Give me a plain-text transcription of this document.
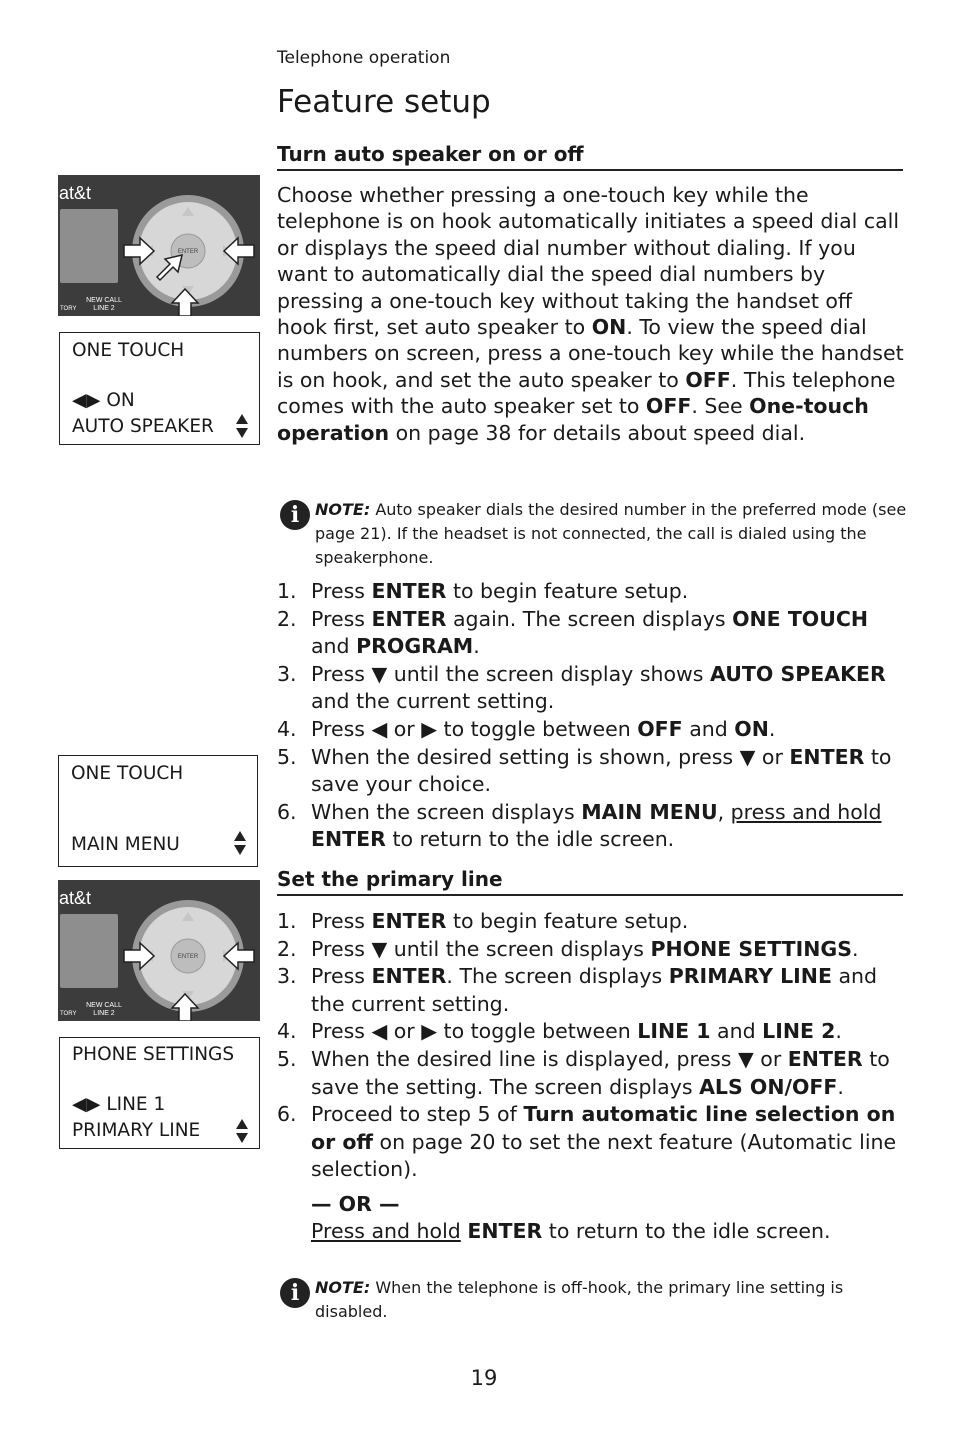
Telephone operation
Feature setup
Turn auto speaker on or off
Choose whether pressing a one-touch key while the telephone is on hook automatically initiates a speed dial call or displays the speed dial number without dialing. If you want to automatically dial the speed dial numbers by pressing a one-touch key without taking the handset off hook first, set auto speaker to ON. To view the speed dial numbers on screen, press a one-touch key while the handset is on hook, and set the auto speaker to OFF. This telephone comes with the auto speaker set to OFF. See One-touch operation on page 38 for details about speed dial.
i NOTE: Auto speaker dials the desired number in the preferred mode (see page 21). If the headset is not connected, the call is dialed using the speakerphone.
1. Press ENTER to begin feature setup.
2. Press ENTER again. The screen displays ONE TOUCH and PROGRAM.
3. Press ▼ until the screen display shows AUTO SPEAKER and the current setting.
4. Press ◀ or ▶ to toggle between OFF and ON.
5. When the desired setting is shown, press ▼ or ENTER to save your choice.
6. When the screen displays MAIN MENU, press and hold ENTER to return to the idle screen.
Set the primary line
1. Press ENTER to begin feature setup.
2. Press ▼ until the screen displays PHONE SETTINGS.
3. Press ENTER. The screen displays PRIMARY LINE and the current setting.
4. Press ◀ or ▶ to toggle between LINE 1 and LINE 2.
5. When the desired line is displayed, press ▼ or ENTER to save the setting. The screen displays ALS ON/OFF.
6. Proceed to step 5 of Turn automatic line selection on or off on page 20 to set the next feature (Automatic line selection).
— OR —
Press and hold ENTER to return to the idle screen.
i NOTE: When the telephone is off-hook, the primary line setting is disabled.
19
at&t
ENTER
NEW CALL
LINE 2
TORY
ONE TOUCH
◀▶ ON
AUTO SPEAKER
ONE TOUCH
MAIN MENU
at&t
ENTER
NEW CALL
LINE 2
TORY
PHONE SETTINGS
◀▶ LINE 1
PRIMARY LINE
